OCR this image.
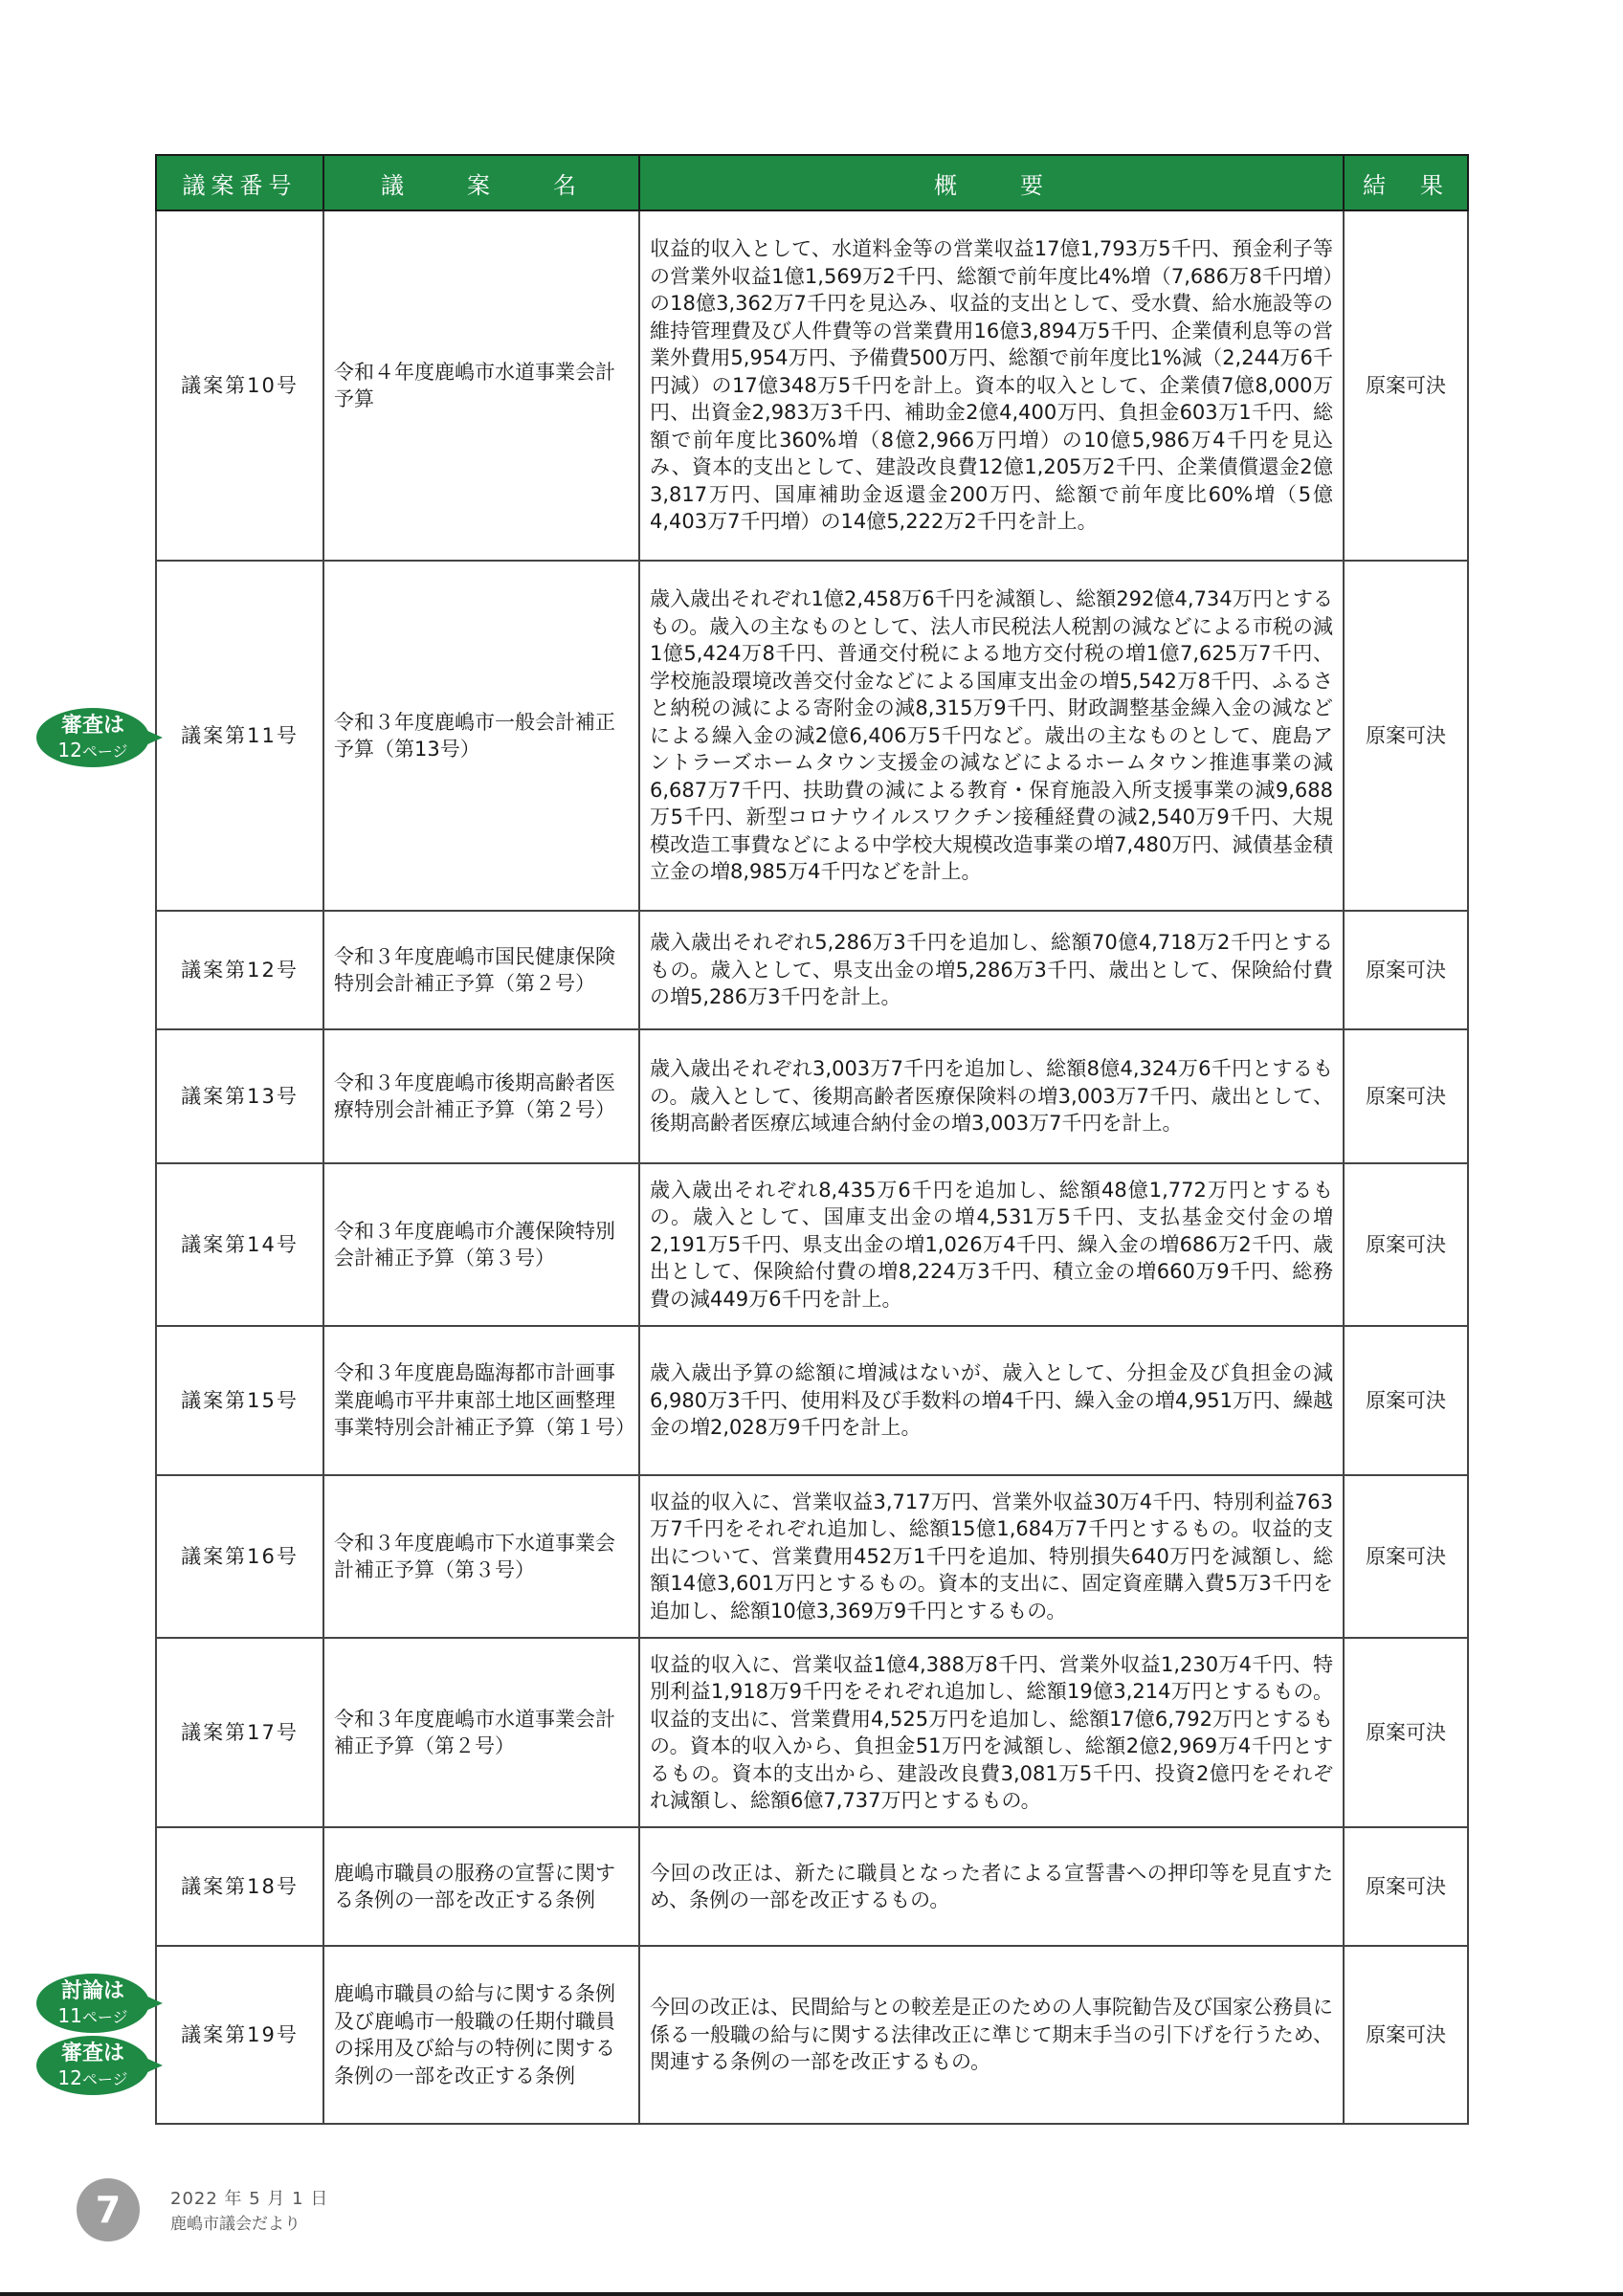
議案番号	議　　案　　名	概　　要	結　果
議案第10号	令和４年度鹿嶋市水道事業会計予算	収益的収入として、水道料金等の営業収益17億1,793万5千円、預金利子等の営業外収益1億1,569万2千円、総額で前年度比4%増（7,686万8千円増）の18億3,362万7千円を見込み、収益的支出として、受水費、給水施設等の維持管理費及び人件費等の営業費用16億3,894万5千円、企業債利息等の営業外費用5,954万円、予備費500万円、総額で前年度比1%減（2,244万6千円減）の17億348万5千円を計上。資本的収入として、企業債7億8,000万円、出資金2,983万3千円、補助金2億4,400万円、負担金603万1千円、総額で前年度比360%増（8億2,966万円増）の10億5,986万4千円を見込み、資本的支出として、建設改良費12億1,205万2千円、企業債償還金2億3,817万円、国庫補助金返還金200万円、総額で前年度比60%増（5億4,403万7千円増）の14億5,222万2千円を計上。	原案可決
議案第11号	令和３年度鹿嶋市一般会計補正予算（第13号）	歳入歳出それぞれ1億2,458万6千円を減額し、総額292億4,734万円とするもの。歳入の主なものとして、法人市民税法人税割の減などによる市税の減1億5,424万8千円、普通交付税による地方交付税の増1億7,625万7千円、学校施設環境改善交付金などによる国庫支出金の増5,542万8千円、ふるさと納税の減による寄附金の減8,315万9千円、財政調整基金繰入金の減などによる繰入金の減2億6,406万5千円など。歳出の主なものとして、鹿島アントラーズホームタウン支援金の減などによるホームタウン推進事業の減6,687万7千円、扶助費の減による教育・保育施設入所支援事業の減9,688万5千円、新型コロナウイルスワクチン接種経費の減2,540万9千円、大規模改造工事費などによる中学校大規模改造事業の増7,480万円、減債基金積立金の増8,985万4千円などを計上。	原案可決
議案第12号	令和３年度鹿嶋市国民健康保険特別会計補正予算（第２号）	歳入歳出それぞれ5,286万3千円を追加し、総額70億4,718万2千円とするもの。歳入として、県支出金の増5,286万3千円、歳出として、保険給付費の増5,286万3千円を計上。	原案可決
議案第13号	令和３年度鹿嶋市後期高齢者医療特別会計補正予算（第２号）	歳入歳出それぞれ3,003万7千円を追加し、総額8億4,324万6千円とするもの。歳入として、後期高齢者医療保険料の増3,003万7千円、歳出として、後期高齢者医療広域連合納付金の増3,003万7千円を計上。	原案可決
議案第14号	令和３年度鹿嶋市介護保険特別会計補正予算（第３号）	歳入歳出それぞれ8,435万6千円を追加し、総額48億1,772万円とするもの。歳入として、国庫支出金の増4,531万5千円、支払基金交付金の増2,191万5千円、県支出金の増1,026万4千円、繰入金の増686万2千円、歳出として、保険給付費の増8,224万3千円、積立金の増660万9千円、総務費の減449万6千円を計上。	原案可決
議案第15号	令和３年度鹿島臨海都市計画事業鹿嶋市平井東部土地区画整理事業特別会計補正予算（第１号）	歳入歳出予算の総額に増減はないが、歳入として、分担金及び負担金の減6,980万3千円、使用料及び手数料の増4千円、繰入金の増4,951万円、繰越金の増2,028万9千円を計上。	原案可決
議案第16号	令和３年度鹿嶋市下水道事業会計補正予算（第３号）	収益的収入に、営業収益3,717万円、営業外収益30万4千円、特別利益763万7千円をそれぞれ追加し、総額15億1,684万7千円とするもの。収益的支出について、営業費用452万1千円を追加、特別損失640万円を減額し、総額14億3,601万円とするもの。資本的支出に、固定資産購入費5万3千円を追加し、総額10億3,369万9千円とするもの。	原案可決
議案第17号	令和３年度鹿嶋市水道事業会計補正予算（第２号）	収益的収入に、営業収益1億4,388万8千円、営業外収益1,230万4千円、特別利益1,918万9千円をそれぞれ追加し、総額19億3,214万円とするもの。収益的支出に、営業費用4,525万円を追加し、総額17億6,792万円とするもの。資本的収入から、負担金51万円を減額し、総額2億2,969万4千円とするもの。資本的支出から、建設改良費3,081万5千円、投資2億円をそれぞれ減額し、総額6億7,737万円とするもの。	原案可決
議案第18号	鹿嶋市職員の服務の宣誓に関する条例の一部を改正する条例	今回の改正は、新たに職員となった者による宣誓書への押印等を見直すため、条例の一部を改正するもの。	原案可決
議案第19号	鹿嶋市職員の給与に関する条例及び鹿嶋市一般職の任期付職員の採用及び給与の特例に関する条例の一部を改正する条例	今回の改正は、民間給与との較差是正のための人事院勧告及び国家公務員に係る一般職の給与に関する法律改正に準じて期末手当の引下げを行うため、関連する条例の一部を改正するもの。	原案可決
審査は
12ページ
討論は
11ページ
審査は
12ページ
7	2022 年 5 月 1 日
鹿嶋市議会だより
